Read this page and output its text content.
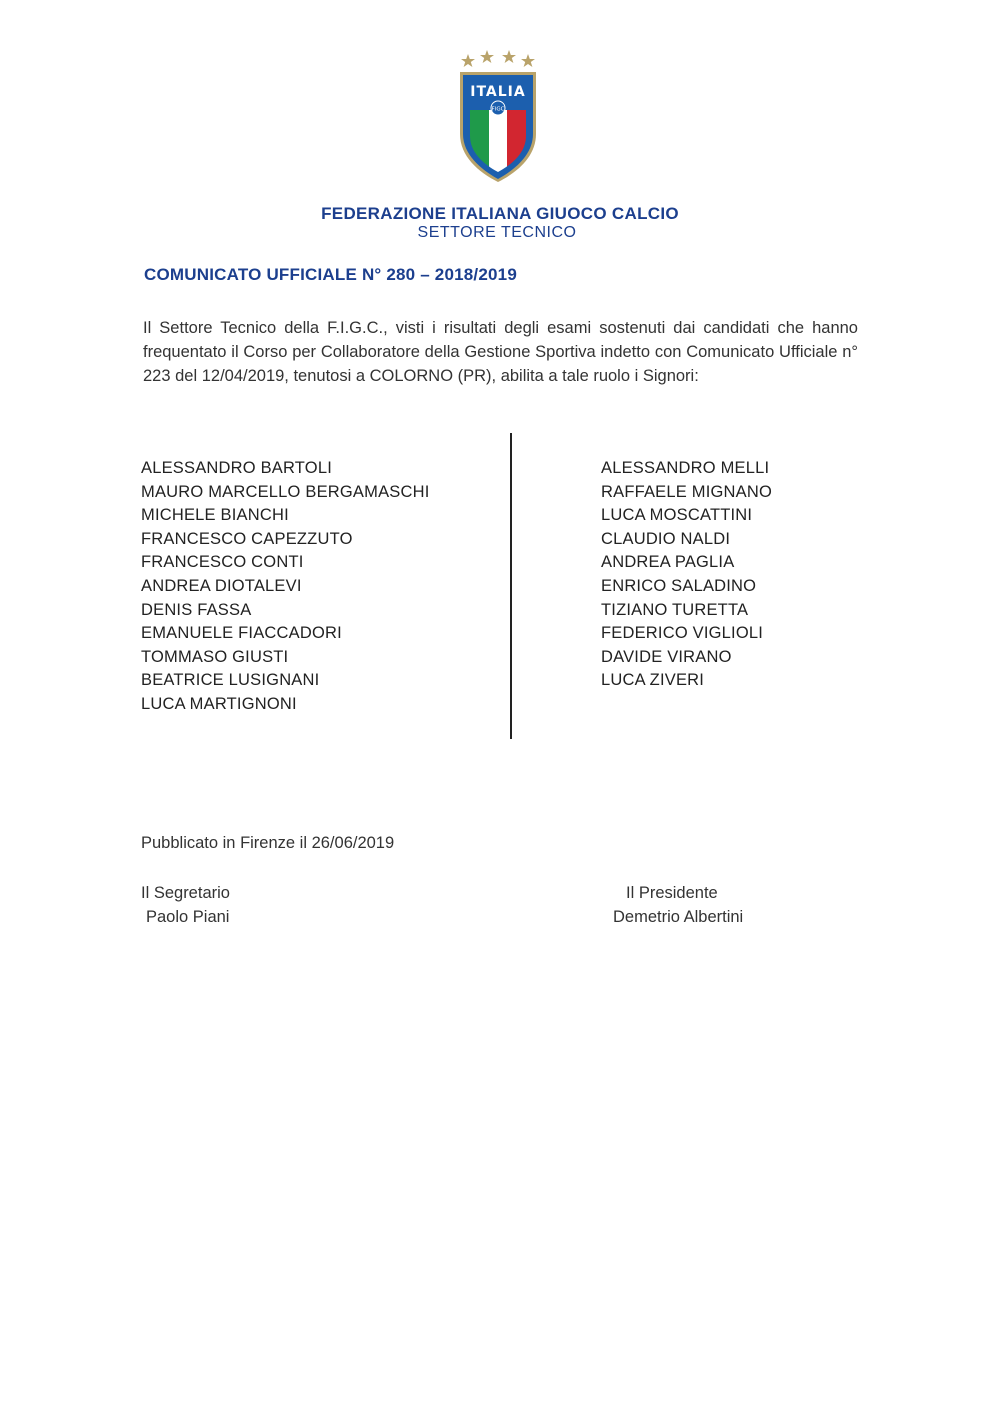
ITALIA
FIGC
FEDERAZIONE ITALIANA GIUOCO CALCIO
SETTORE TECNICO
COMUNICATO UFFICIALE N° 280 – 2018/2019
Il Settore Tecnico della F.I.G.C., visti i risultati degli esami sostenuti dai candidati che hanno frequentato il Corso per Collaboratore della Gestione Sportiva indetto con Comunicato Ufficiale n° 223 del 12/04/2019, tenutosi a COLORNO (PR), abilita a tale ruolo i Signori:
ALESSANDRO BARTOLI
MAURO MARCELLO BERGAMASCHI
MICHELE BIANCHI
FRANCESCO CAPEZZUTO
FRANCESCO CONTI
ANDREA DIOTALEVI
DENIS FASSA
EMANUELE FIACCADORI
TOMMASO GIUSTI
BEATRICE LUSIGNANI
LUCA MARTIGNONI
ALESSANDRO MELLI
RAFFAELE MIGNANO
LUCA MOSCATTINI
CLAUDIO NALDI
ANDREA PAGLIA
ENRICO SALADINO
TIZIANO TURETTA
FEDERICO VIGLIOLI
DAVIDE VIRANO
LUCA ZIVERI
Pubblicato in Firenze il 26/06/2019
Il Segretario
Paolo Piani
Il Presidente
Demetrio Albertini
